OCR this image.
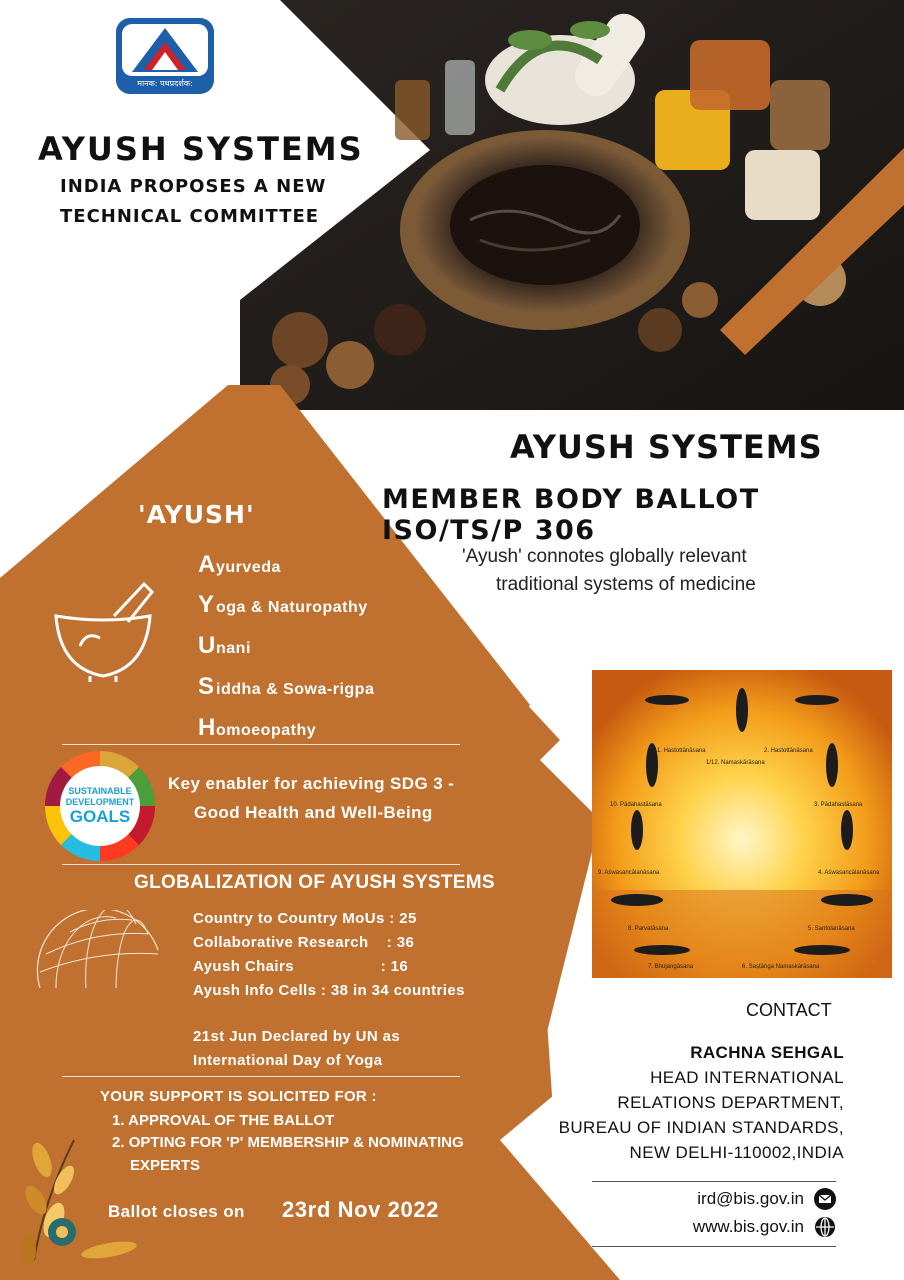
मानक: पथप्रदर्शक:
AYUSH SYSTEMS
INDIA PROPOSES A NEW
TECHNICAL COMMITTEE
AYUSH SYSTEMS
MEMBER BODY BALLOT ISO/TS/P 306
'Ayush' connotes globally relevant
traditional systems of medicine
'AYUSH'
A yurveda
Y oga & Naturopathy
U nani
S iddha & Sowa-rigpa
H omoeopathy
SUSTAINABLE
DEVELOPMENT
GOALS
Key enabler for achieving SDG 3 -
Good Health and Well-Being
GLOBALIZATION OF AYUSH SYSTEMS
Country to Country MoUs : 25
Collaborative Research    : 36
Ayush Chairs                   : 16
Ayush Info Cells : 38 in 34 countries
21st Jun Declared by UN as
International Day of Yoga
YOUR SUPPORT IS SOLICITED FOR :
1. APPROVAL OF THE BALLOT
2. OPTING FOR 'P' MEMBERSHIP & NOMINATING
EXPERTS
Ballot closes on 23rd Nov 2022
11. Hastottānāsana	2. Hastottānāsana
1/12. Namaskārāsana
10. Pādahastāsana	3. Pādahastāsana
9. Aśwasancālanāsana	4. Aśwasancālanāsana
8. Parvatāsana	5. Santolanāsana
7. Bhujangāsana	6. Saṣṭāṅga Namaskārāsana
CONTACT
RACHNA SEHGAL
HEAD INTERNATIONAL
RELATIONS DEPARTMENT,
BUREAU OF INDIAN STANDARDS,
NEW DELHI-110002,INDIA
ird@bis.gov.in
www.bis.gov.in
